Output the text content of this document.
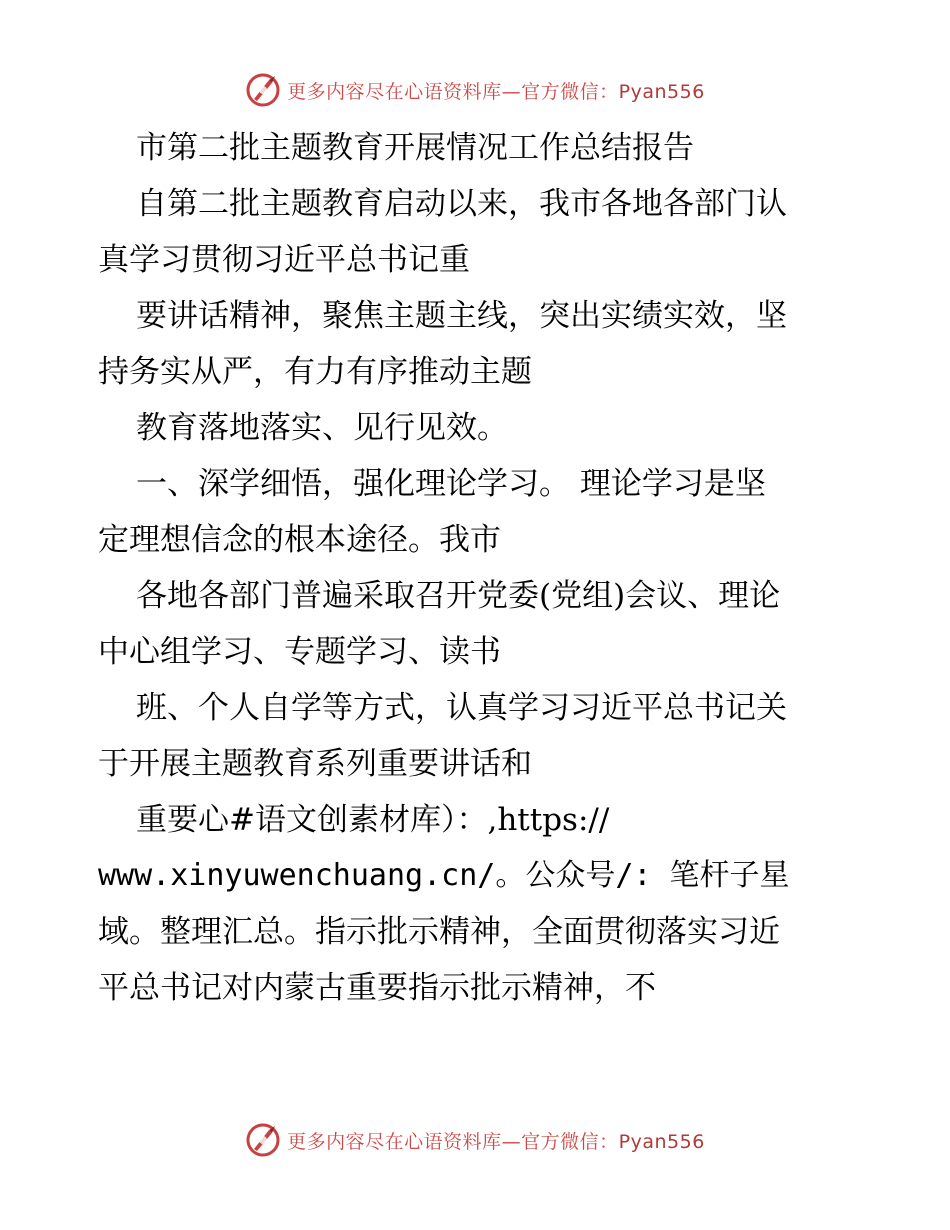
更多内容尽在心语资料库—官方微信：Pyan556
市第二批主题教育开展情况工作总结报告
自第二批主题教育启动以来，我市各地各部门认
真学习贯彻习近平总书记重
要讲话精神，聚焦主题主线，突出实绩实效，坚
持务实从严，有力有序推动主题
教育落地落实、见行见效。
一、深学细悟，强化理论学习。 理论学习是坚
定理想信念的根本途径。我市
各地各部门普遍采取召开党委(党组)会议、理论
中心组学习、专题学习、读书
班、个人自学等方式，认真学习习近平总书记关
于开展主题教育系列重要讲话和
重要心#语文创素材库）：,https://
www.xinyuwenchuang.cn/。公众号/: 笔杆子星
域。整理汇总。指示批示精神，全面贯彻落实习近
平总书记对内蒙古重要指示批示精神，不
更多内容尽在心语资料库—官方微信：Pyan556
